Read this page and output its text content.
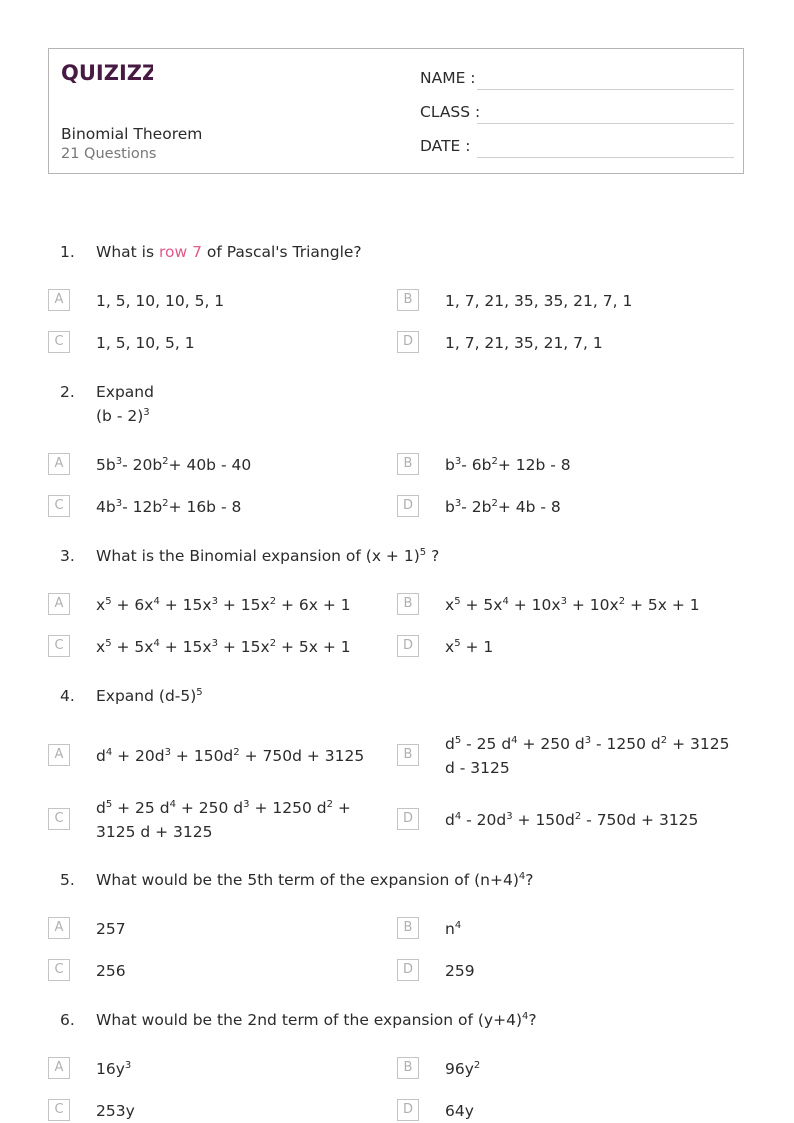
QUIZIZZ
Binomial Theorem
21 Questions
NAME :
CLASS :
DATE :
1. What is row 7 of Pascal's Triangle?
A	1, 5, 10, 10, 5, 1	B	1, 7, 21, 35, 35, 21, 7, 1
C	1, 5, 10, 5, 1	D	1, 7, 21, 35, 21, 7, 1
2. Expand
(b - 2)$^3$
A	$5b^3-$ $20b^2+ 40b - 40$	B	$b^3-$ $6b^2+ 12b - 8$
C	$4b^3-$ $12b^2+ 16b - 8$	D	$b^3-$ $2b^2+ 4b - 8$
3. What is the Binomial expansion of $(x + 1)^5$ ?
A	$x^5 + 6x^4 + 15x^3 + 15x^2 + 6x + 1$	B	$x^5 + 5x^4 + 10x^3 + 10x^2 + 5x + 1$
C	$x^5 + 5x^4 + 15x^3 + 15x^2 + 5x + 1$	D	$x^5 + 1$
4. Expand $(d-5)^5$
A	$d^4 + 20d^3 + 150d^2 + 750d + 3125$	B
$d^5 - 25$ $d^4 + 250$ $d^3 - 1250$ $d^2 + 3125$ d - 3125
C
$d^5 + 25$ $d^4 + 250$ $d^3 + 1250$ $d^2 + 3125$ d + 3125
D	$d^4 - 20d^3 + 150d^2 - 750d + 3125$
5. What would be the 5th term of the expansion of $(n+4)^4$?
A	257	B	$n^4$
C	256	D	259
6. What would be the 2nd term of the expansion of $(y+4)^4$?
A	$16y^3$	B	$96y^2$
C	253y	D	64y
